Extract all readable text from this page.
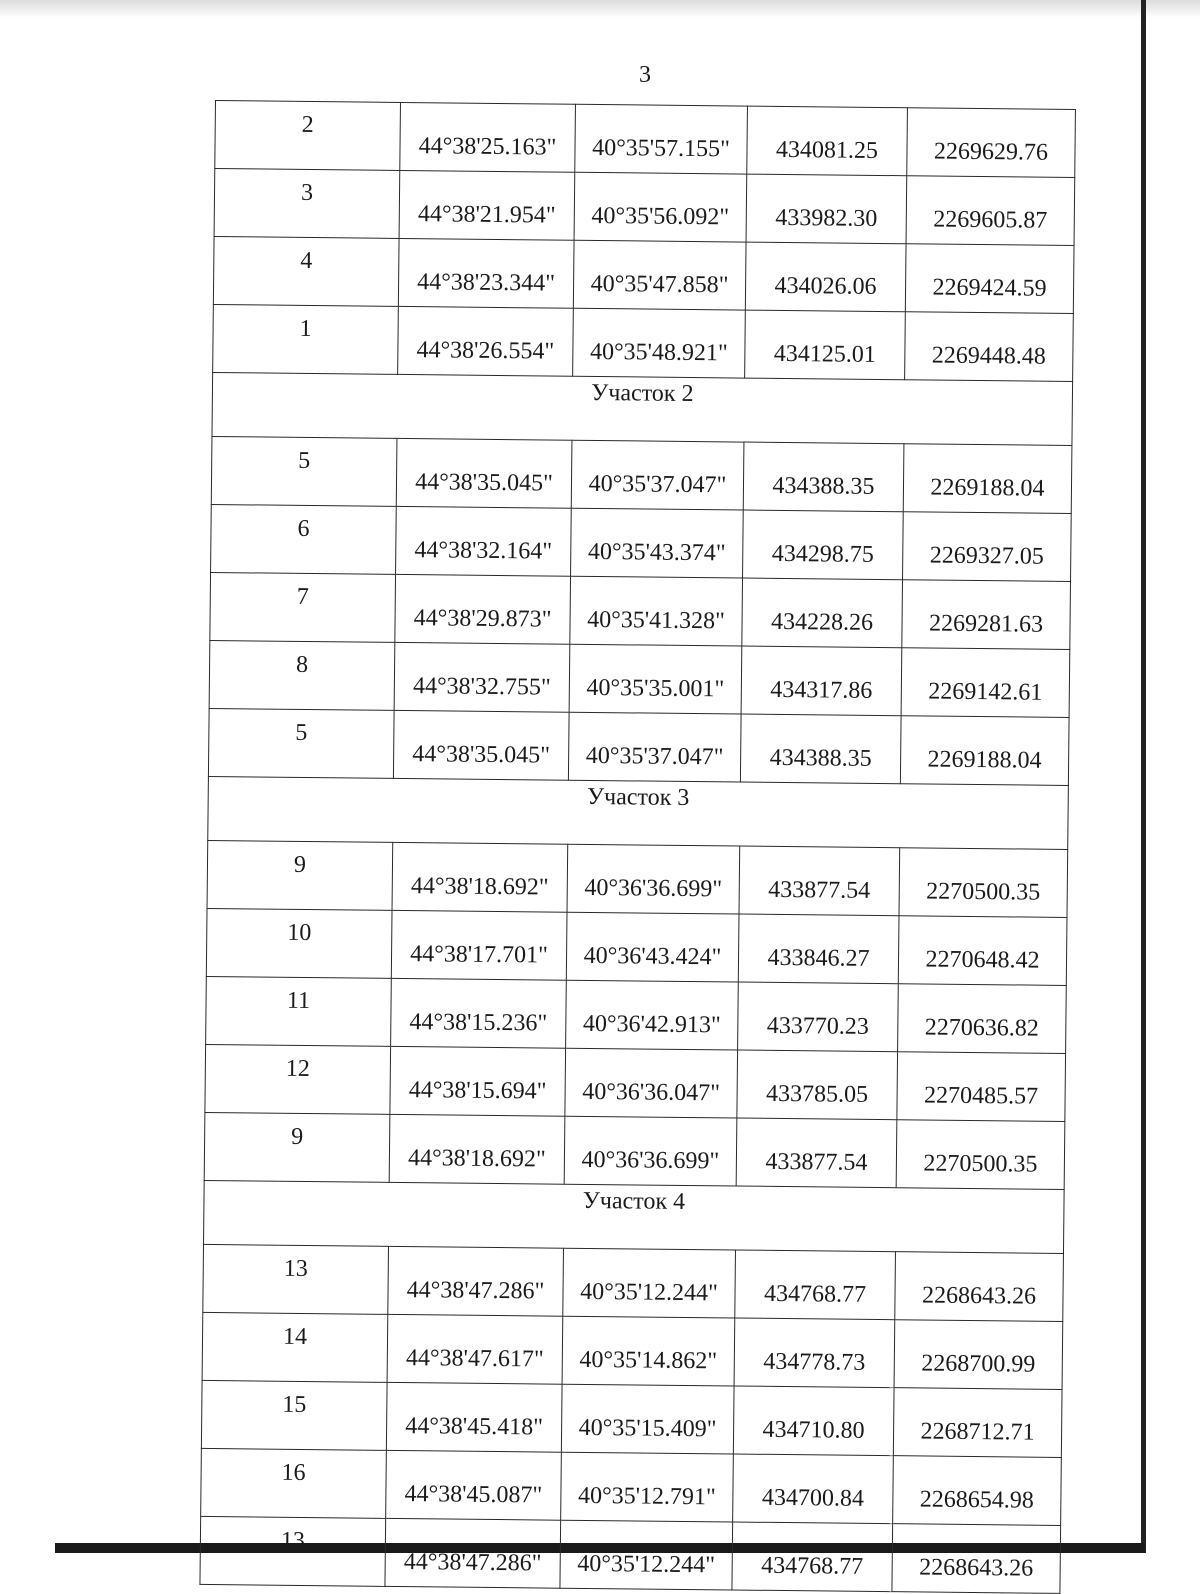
3
2	44°38'25.163"	40°35'57.155"	434081.25	2269629.76
3	44°38'21.954"	40°35'56.092"	433982.30	2269605.87
4	44°38'23.344"	40°35'47.858"	434026.06	2269424.59
1	44°38'26.554"	40°35'48.921"	434125.01	2269448.48
Участок 2				
5	44°38'35.045"	40°35'37.047"	434388.35	2269188.04
6	44°38'32.164"	40°35'43.374"	434298.75	2269327.05
7	44°38'29.873"	40°35'41.328"	434228.26	2269281.63
8	44°38'32.755"	40°35'35.001"	434317.86	2269142.61
5	44°38'35.045"	40°35'37.047"	434388.35	2269188.04
Участок 3				
9	44°38'18.692"	40°36'36.699"	433877.54	2270500.35
10	44°38'17.701"	40°36'43.424"	433846.27	2270648.42
11	44°38'15.236"	40°36'42.913"	433770.23	2270636.82
12	44°38'15.694"	40°36'36.047"	433785.05	2270485.57
9	44°38'18.692"	40°36'36.699"	433877.54	2270500.35
Участок 4				
13	44°38'47.286"	40°35'12.244"	434768.77	2268643.26
14	44°38'47.617"	40°35'14.862"	434778.73	2268700.99
15	44°38'45.418"	40°35'15.409"	434710.80	2268712.71
16	44°38'45.087"	40°35'12.791"	434700.84	2268654.98
13	44°38'47.286"	40°35'12.244"	434768.77	2268643.26
